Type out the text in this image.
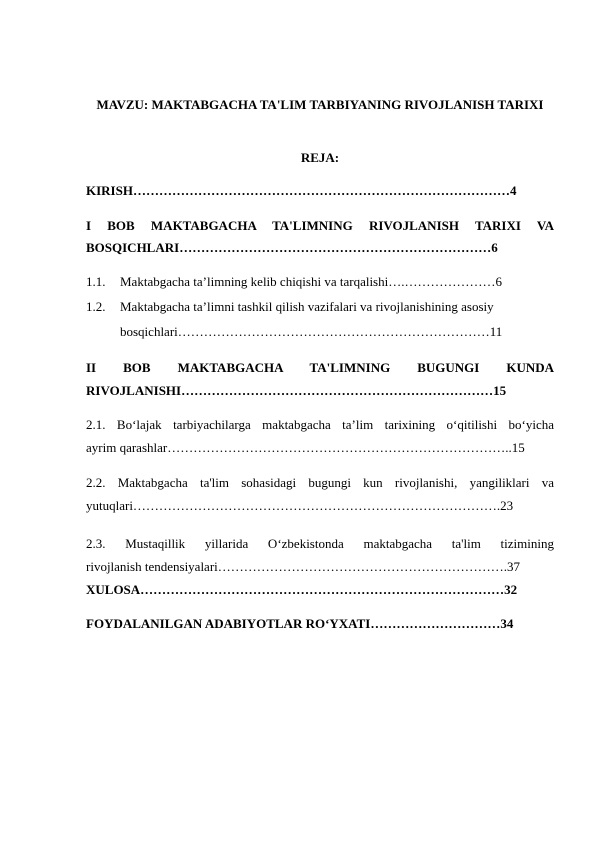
MAVZU: MAKTABGACHA TA'LIM TARBIYANING RIVOJLANISH TARIXI
REJA:
KIRISH……………………………………………………………………………4
I BOB MAKTABGACHA TA'LIMNING RIVOJLANISH TARIXI VA
BOSQICHLARI………………………………………………………………6
1.1. Maktabgacha ta’limning kelib chiqishi va tarqalishi….…………………6
1.2. Maktabgacha ta’limni tashkil qilish vazifalari va rivojlanishining asosiy
bosqichlari………………………………………………………………11
II BOB MAKTABGACHA TA'LIMNING BUGUNGI KUNDA
RIVOJLANISHI………………………………………………………………15
2.1. Bo‘lajak tarbiyachilarga maktabgacha ta’lim tarixining o‘qitilishi bo‘yicha
ayrim qarashlar……………………………………………………………………..15
2.2. Maktabgacha ta'lim sohasidagi bugungi kun rivojlanishi, yangiliklari va
yutuqlari………………………………………………………………………….23
2.3. Mustaqillik yillarida O‘zbekistonda maktabgacha ta'lim tizimining
rivojlanish tendensiyalari………………………………………………………….37
XULOSA…………………………………………………………………………32
FOYDALANILGAN ADABIYOTLAR RO‘YXATI…………………………34
